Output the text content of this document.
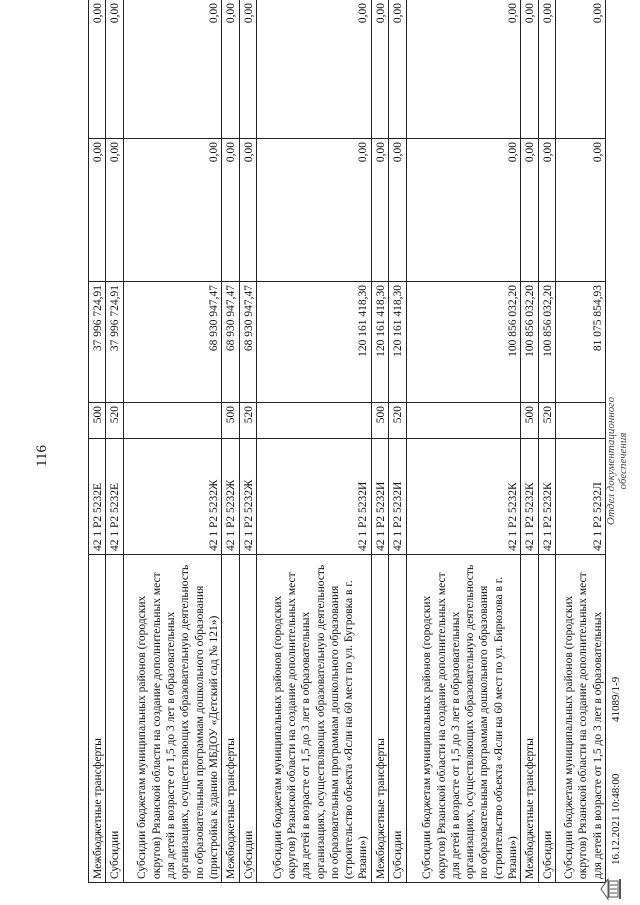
116
Межбюджетные трансферты	42 1 P2 5232E	500	37 996 724,91	0,00	0,00
Субсидии	42 1 P2 5232E	520	37 996 724,91	0,00	0,00
Субсидии бюджетам муниципальных районов (городских округов) Рязанской области на создание дополнительных мест для детей в возрасте от 1,5 до 3 лет в образовательных организациях, осуществляющих образовательную деятельность по образовательным программам дошкольного образования (пристройка к зданию МБДОУ «Детский сад № 121»)	42 1 P2 5232Ж		68 930 947,47	0,00	0,00
Межбюджетные трансферты	42 1 P2 5232Ж	500	68 930 947,47	0,00	0,00
Субсидии	42 1 P2 5232Ж	520	68 930 947,47	0,00	0,00
Субсидии бюджетам муниципальных районов (городских округов) Рязанской области на создание дополнительных мест для детей в возрасте от 1,5 до 3 лет в образовательных организациях, осуществляющих образовательную деятельность по образовательным программам дошкольного образования (строительство объекта «Ясли на 60 мест по ул. Бугровка в г. Рязани»)	42 1 P2 5232И		120 161 418,30	0,00	0,00
Межбюджетные трансферты	42 1 P2 5232И	500	120 161 418,30	0,00	0,00
Субсидии	42 1 P2 5232И	520	120 161 418,30	0,00	0,00
Субсидии бюджетам муниципальных районов (городских округов) Рязанской области на создание дополнительных мест для детей в возрасте от 1,5 до 3 лет в образовательных организациях, осуществляющих образовательную деятельность по образовательным программам дошкольного образования (строительство объекта «Ясли на 60 мест по ул. Бирюзова в г. Рязани»)	42 1 P2 5232К		100 856 032,20	0,00	0,00
Межбюджетные трансферты	42 1 P2 5232К	500	100 856 032,20	0,00	0,00
Субсидии	42 1 P2 5232К	520	100 856 032,20	0,00	0,00
Субсидии бюджетам муниципальных районов (городских округов) Рязанской области на создание дополнительных мест для детей в возрасте от 1,5 до 3 лет в образовательных	42 1 P2 5232Л		81 075 854,93	0,00	0,00
16.12.2021 10:48:00
41089/1-9
Отдел документационного обеспечения
